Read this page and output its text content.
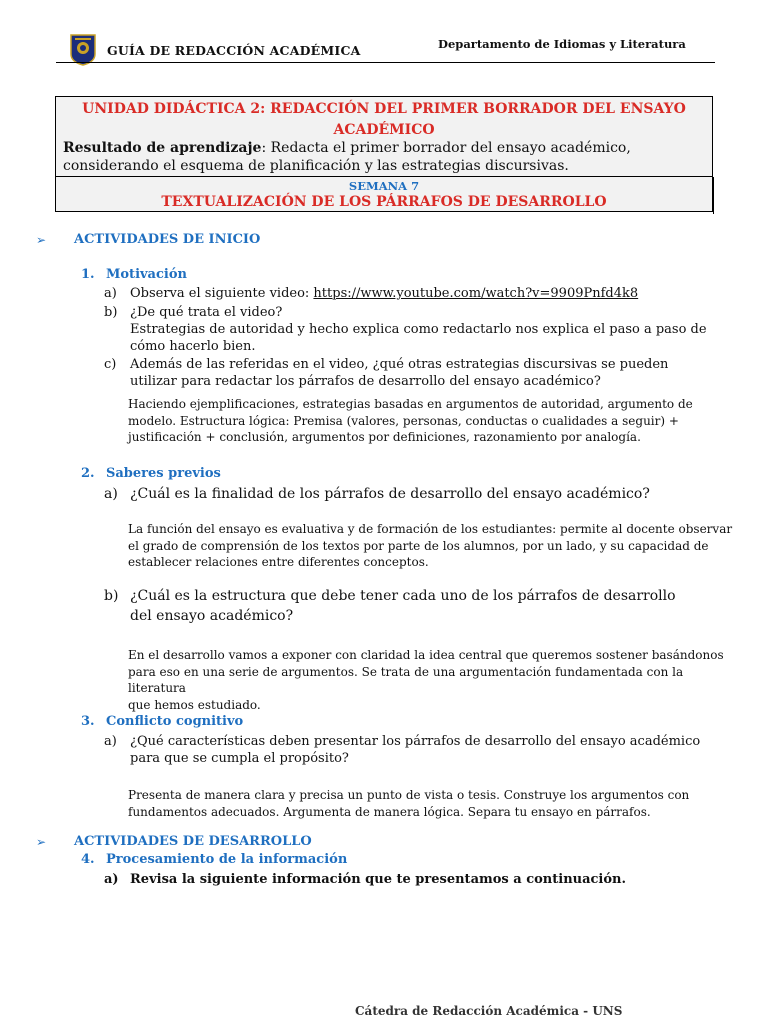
GUÍA DE REDACCIÓN ACADÉMICA	Departamento de Idiomas y Literatura
UNIDAD DIDÁCTICA 2: REDACCIÓN DEL PRIMER BORRADOR DEL ENSAYO
ACADÉMICO
Resultado de aprendizaje: Redacta el primer borrador del ensayo académico,
considerando el esquema de planificación y las estrategias discursivas.
SEMANA 7
TEXTUALIZACIÓN DE LOS PÁRRAFOS DE DESARROLLO
➢ ACTIVIDADES DE INICIO
1. Motivación
a) Observa el siguiente video: https://www.youtube.com/watch?v=9909Pnfd4k8
b) ¿De qué trata el video?
Estrategias de autoridad y hecho explica como redactarlo nos explica el paso a paso de
cómo hacerlo bien.
c) Además de las referidas en el video, ¿qué otras estrategias discursivas se pueden
utilizar para redactar los párrafos de desarrollo del ensayo académico?
Haciendo ejemplificaciones, estrategias basadas en argumentos de autoridad, argumento de
modelo. Estructura lógica: Premisa (valores, personas, conductas o cualidades a seguir) +
justificación + conclusión, argumentos por definiciones, razonamiento por analogía.
2. Saberes previos
a) ¿Cuál es la finalidad de los párrafos de desarrollo del ensayo académico?
La función del ensayo es evaluativa y de formación de los estudiantes: permite al docente observar
el grado de comprensión de los textos por parte de los alumnos, por un lado, y su capacidad de
establecer relaciones entre diferentes conceptos.
b) ¿Cuál es la estructura que debe tener cada uno de los párrafos de desarrollo
del ensayo académico?
En el desarrollo vamos a exponer con claridad la idea central que queremos sostener basándonos
para eso en una serie de argumentos. Se trata de una argumentación fundamentada con la literatura
que hemos estudiado.
3. Conflicto cognitivo
a) ¿Qué características deben presentar los párrafos de desarrollo del ensayo académico
para que se cumpla el propósito?
Presenta de manera clara y precisa un punto de vista o tesis. Construye los argumentos con
fundamentos adecuados. Argumenta de manera lógica. Separa tu ensayo en párrafos.
➢ ACTIVIDADES DE DESARROLLO
4. Procesamiento de la información
a) Revisa la siguiente información que te presentamos a continuación.
Cátedra de Redacción Académica - UNS
